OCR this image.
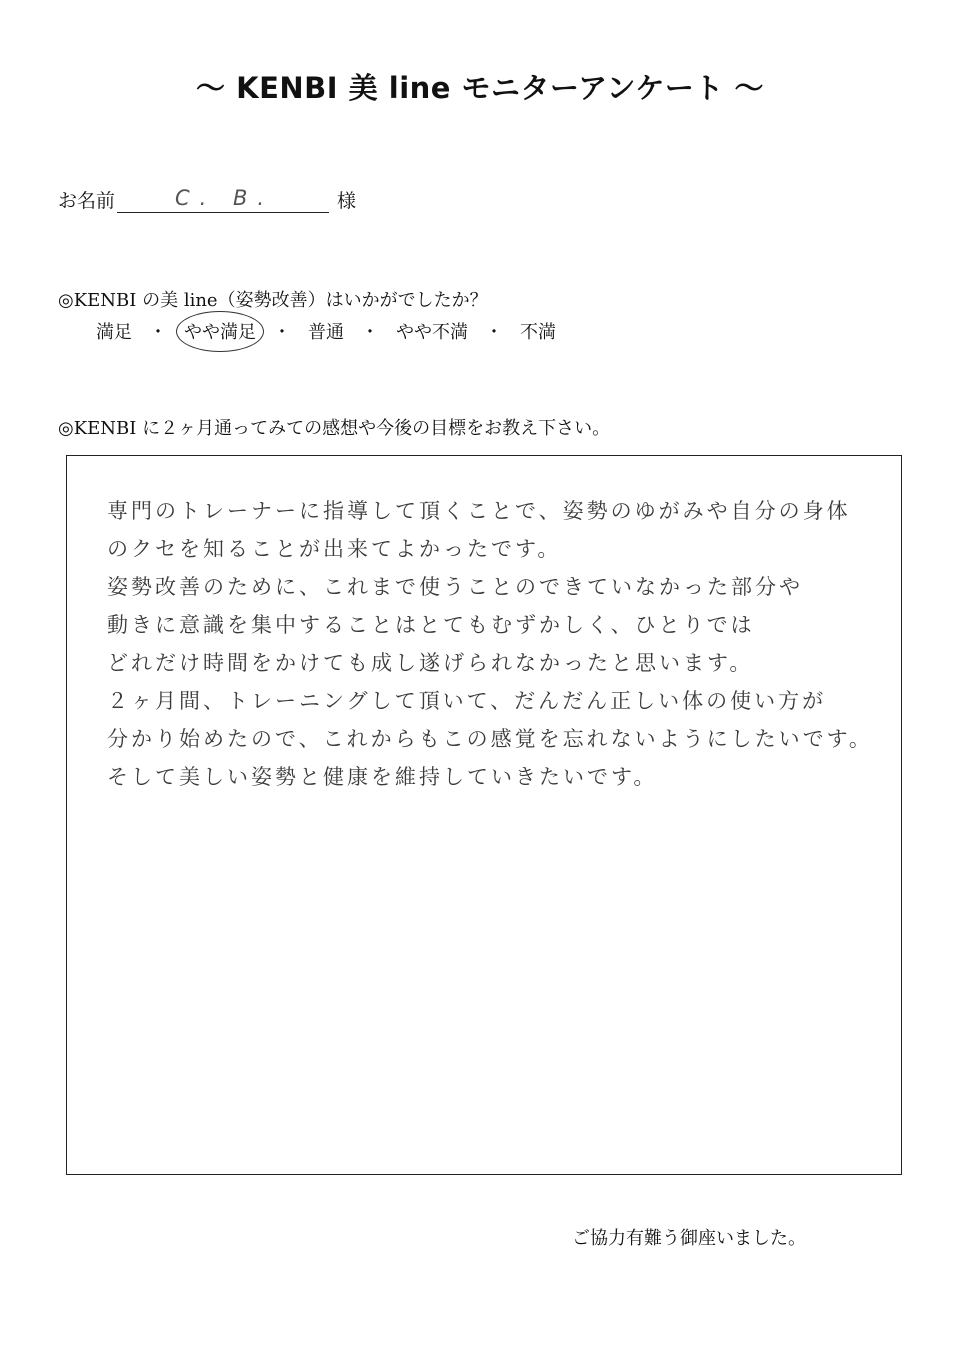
〜 KENBI 美 line モニターアンケート 〜
お名前	C. B.	様
◎KENBI の美 line（姿勢改善）はいかがでしたか？
満足 ・ やや満足 ・ 普通 ・ やや不満 ・ 不満
◎KENBI に２ヶ月通ってみての感想や今後の目標をお教え下さい。
専門のトレーナーに指導して頂くことで、姿勢のゆがみや自分の身体
のクセを知ることが出来てよかったです。
姿勢改善のために、これまで使うことのできていなかった部分や
動きに意識を集中することはとてもむずかしく、ひとりでは
どれだけ時間をかけても成し遂げられなかったと思います。
２ヶ月間、トレーニングして頂いて、だんだん正しい体の使い方が
分かり始めたので、これからもこの感覚を忘れないようにしたいです。
そして美しい姿勢と健康を維持していきたいです。
ご協力有難う御座いました。
